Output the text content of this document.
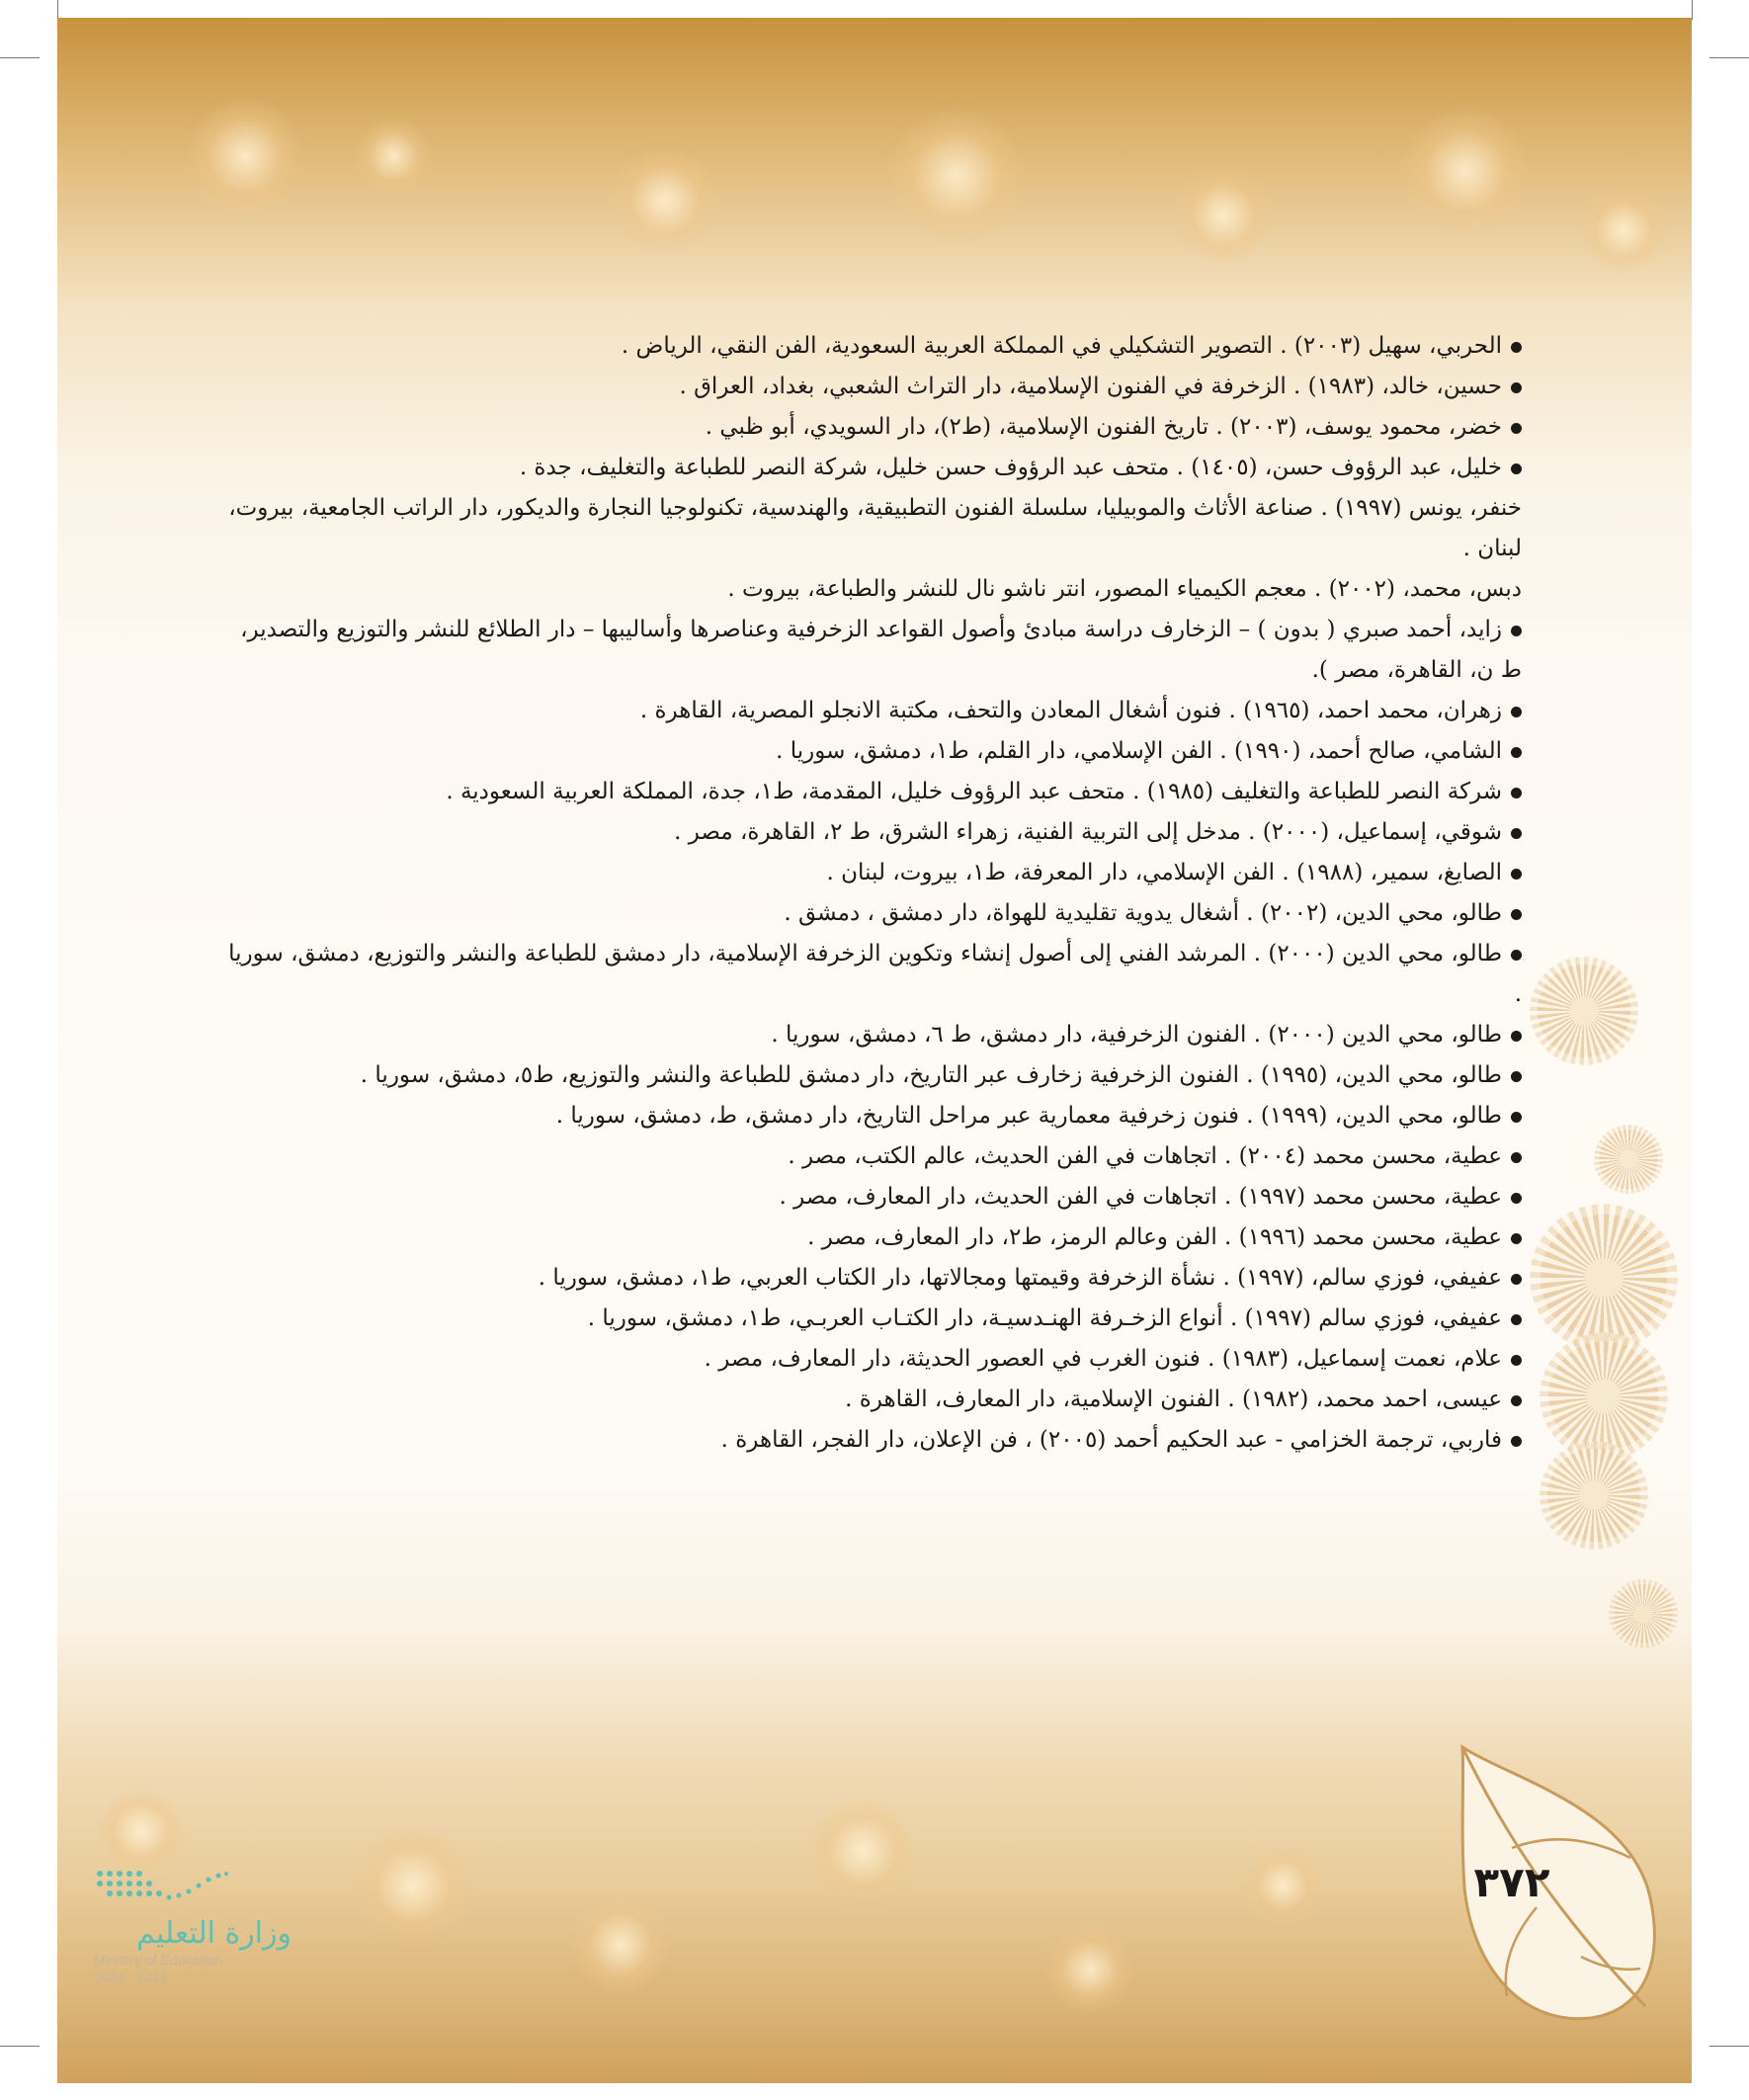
الحربي، سهيل (٢٠٠٣) . التصوير التشكيلي في المملكة العربية السعودية، الفن النقي، الرياض .

حسين، خالد، (١٩٨٣) . الزخرفة في الفنون الإسلامية، دار التراث الشعبي، بغداد، العراق .

خضر، محمود يوسف، (٢٠٠٣) . تاريخ الفنون الإسلامية، (ط٢)، دار السويدي، أبو ظبي .

خليل، عبد الرؤوف حسن، (١٤٠٥) . متحف عبد الرؤوف حسن خليل، شركة النصر للطباعة والتغليف، جدة .

خنفر، يونس (١٩٩٧) . صناعة الأثاث والموبيليا، سلسلة الفنون التطبيقية، والهندسية، تكنولوجيا النجارة والديكور، دار الراتب الجامعية، بيروت، لبنان .

دبس، محمد، (٢٠٠٢) . معجم الكيمياء المصور، انتر ناشو نال للنشر والطباعة، بيروت .

زايد، أحمد صبري ( بدون ) – الزخارف دراسة مبادئ وأصول القواعد الزخرفية وعناصرها وأساليبها – دار الطلائع للنشر والتوزيع والتصدير، ط ن، القاهرة، مصر ).

زهران، محمد احمد، (١٩٦٥) . فنون أشغال المعادن والتحف، مكتبة الانجلو المصرية، القاهرة .

الشامي، صالح أحمد، (١٩٩٠) . الفن الإسلامي، دار القلم، ط١، دمشق، سوريا .

شركة النصر للطباعة والتغليف (١٩٨٥) . متحف عبد الرؤوف خليل، المقدمة، ط١، جدة، المملكة العربية السعودية .

شوقي، إسماعيل، (٢٠٠٠) . مدخل إلى التربية الفنية، زهراء الشرق، ط ٢، القاهرة، مصر .

الصايغ، سمير، (١٩٨٨) . الفن الإسلامي، دار المعرفة، ط١، بيروت، لبنان .

طالو، محي الدين، (٢٠٠٢) . أشغال يدوية تقليدية للهواة، دار دمشق ، دمشق .

طالو، محي الدين (٢٠٠٠) . المرشد الفني إلى أصول إنشاء وتكوين الزخرفة الإسلامية، دار دمشق للطباعة والنشر والتوزيع، دمشق، سوريا .

طالو، محي الدين (٢٠٠٠) . الفنون الزخرفية، دار دمشق، ط ٦، دمشق، سوريا .

طالو، محي الدين، (١٩٩٥) . الفنون الزخرفية زخارف عبر التاريخ، دار دمشق للطباعة والنشر والتوزيع، ط٥، دمشق، سوريا .

طالو، محي الدين، (١٩٩٩) . فنون زخرفية معمارية عبر مراحل التاريخ، دار دمشق، ط، دمشق، سوريا .

عطية، محسن محمد (٢٠٠٤) . اتجاهات في الفن الحديث، عالم الكتب، مصر .

عطية، محسن محمد (١٩٩٧) . اتجاهات في الفن الحديث، دار المعارف، مصر .

عطية، محسن محمد (١٩٩٦) . الفن وعالم الرمز، ط٢، دار المعارف، مصر .

عفيفي، فوزي سالم، (١٩٩٧) . نشأة الزخرفة وقيمتها ومجالاتها، دار الكتاب العربي، ط١، دمشق، سوريا .

عفيفي، فوزي سالم (١٩٩٧) . أنواع الزخـرفة الهنـدسيـة، دار الكتـاب العربـي، ط١، دمشق، سوريا .

علام، نعمت إسماعيل، (١٩٨٣) . فنون الغرب في العصور الحديثة، دار المعارف، مصر .

عيسى، احمد محمد، (١٩٨٢) . الفنون الإسلامية، دار المعارف، القاهرة .

فاربي، ترجمة الخزامي - عبد الحكيم أحمد (٢٠٠٥) ، فن الإعلان، دار الفجر، القاهرة .

٣٧٢
وزارة التعليم
Ministry of Education
2024 - 1446
